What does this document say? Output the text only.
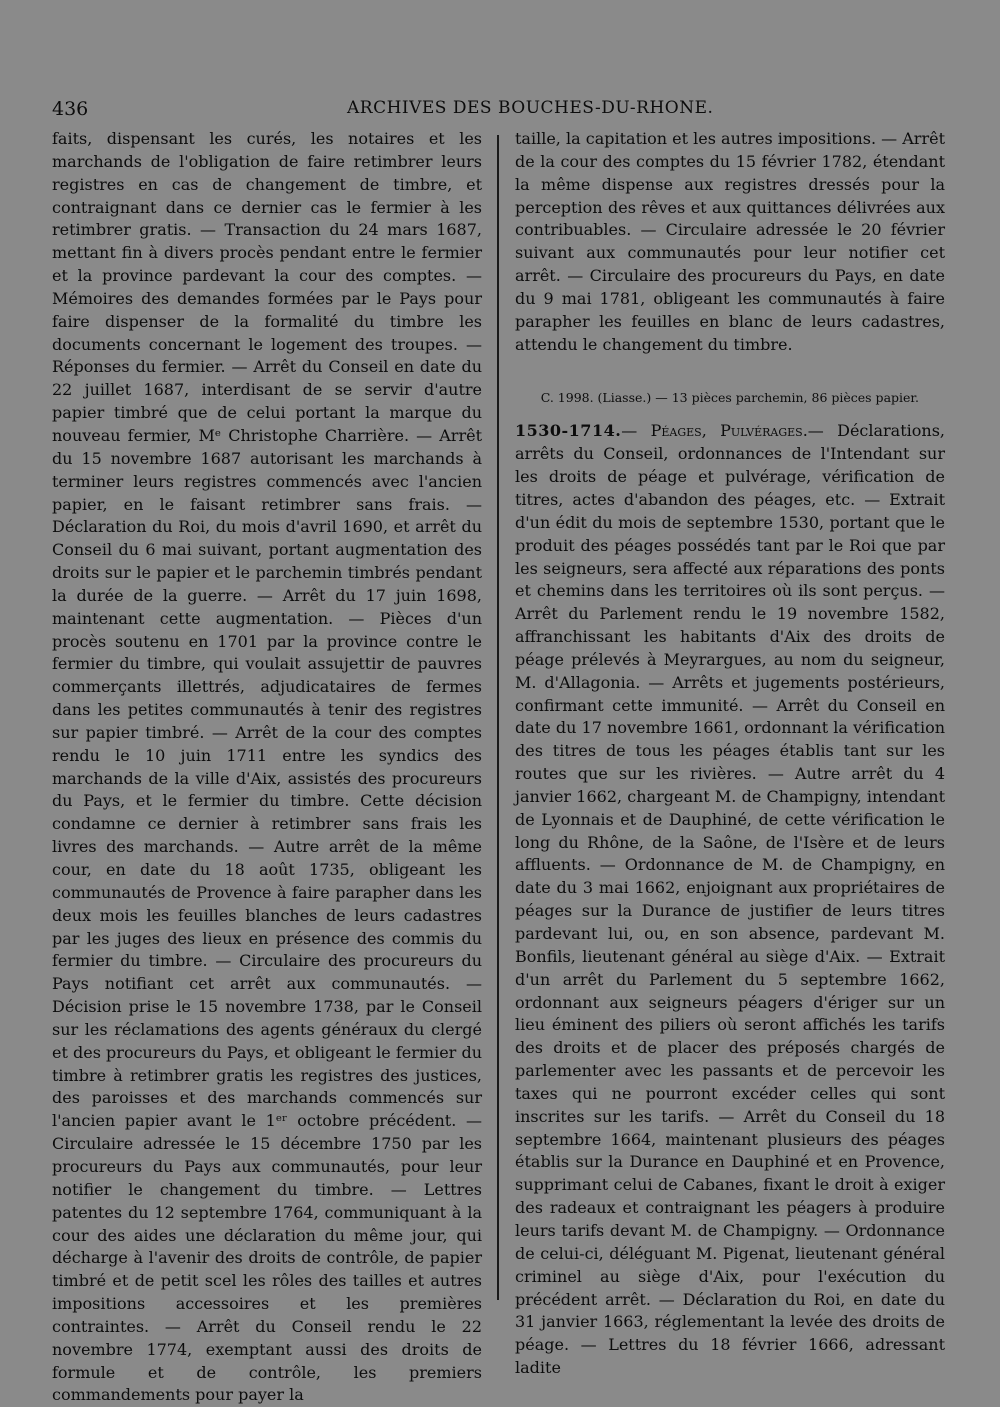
436	ARCHIVES DES BOUCHES-DU-RHONE.

faits, dispensant les curés, les notaires et les marchands de l'obligation de faire retimbrer leurs registres en cas de changement de timbre, et contraignant dans ce dernier cas le fermier à les retimbrer gratis. — Transaction du 24 mars 1687, mettant fin à divers procès pendant entre le fermier et la province pardevant la cour des comptes. — Mémoires des demandes formées par le Pays pour faire dispenser de la formalité du timbre les documents concernant le logement des troupes. — Réponses du fermier. — Arrêt du Conseil en date du 22 juillet 1687, interdisant de se servir d'autre papier timbré que de celui portant la marque du nouveau fermier, Mᵉ Christophe Charrière. — Arrêt du 15 novembre 1687 autorisant les marchands à terminer leurs registres commencés avec l'ancien papier, en le faisant retimbrer sans frais. — Déclaration du Roi, du mois d'avril 1690, et arrêt du Conseil du 6 mai suivant, portant augmentation des droits sur le papier et le parchemin timbrés pendant la durée de la guerre. — Arrêt du 17 juin 1698, maintenant cette augmentation. — Pièces d'un procès soutenu en 1701 par la province contre le fermier du timbre, qui voulait assujettir de pauvres commerçants illettrés, adjudicataires de fermes dans les petites communautés à tenir des registres sur papier timbré. — Arrêt de la cour des comptes rendu le 10 juin 1711 entre les syndics des marchands de la ville d'Aix, assistés des procureurs du Pays, et le fermier du timbre. Cette décision condamne ce dernier à retimbrer sans frais les livres des marchands. — Autre arrêt de la même cour, en date du 18 août 1735, obligeant les communautés de Provence à faire parapher dans les deux mois les feuilles blanches de leurs cadastres par les juges des lieux en présence des commis du fermier du timbre. — Circulaire des procureurs du Pays notifiant cet arrêt aux communautés. — Décision prise le 15 novembre 1738, par le Conseil sur les réclamations des agents généraux du clergé et des procureurs du Pays, et obligeant le fermier du timbre à retimbrer gratis les registres des justices, des paroisses et des marchands commencés sur l'ancien papier avant le 1ᵉʳ octobre précédent. — Circulaire adressée le 15 décembre 1750 par les procureurs du Pays aux communautés, pour leur notifier le changement du timbre. — Lettres patentes du 12 septembre 1764, communiquant à la cour des aides une déclaration du même jour, qui décharge à l'avenir des droits de contrôle, de papier timbré et de petit scel les rôles des tailles et autres impositions accessoires et les premières contraintes. — Arrêt du Conseil rendu le 22 novembre 1774, exemptant aussi des droits de formule et de contrôle, les premiers commandements pour payer la

taille, la capitation et les autres impositions. — Arrêt de la cour des comptes du 15 février 1782, étendant la même dispense aux registres dressés pour la perception des rêves et aux quittances délivrées aux contribuables. — Circulaire adressée le 20 février suivant aux communautés pour leur notifier cet arrêt. — Circulaire des procureurs du Pays, en date du 9 mai 1781, obligeant les communautés à faire parapher les feuilles en blanc de leurs cadastres, attendu le changement du timbre.

C. 1998. (Liasse.) — 13 pièces parchemin, 86 pièces papier.

1530-1714.— Péages, Pulvérages.— Déclarations, arrêts du Conseil, ordonnances de l'Intendant sur les droits de péage et pulvérage, vérification de titres, actes d'abandon des péages, etc. — Extrait d'un édit du mois de septembre 1530, portant que le produit des péages possédés tant par le Roi que par les seigneurs, sera affecté aux réparations des ponts et chemins dans les territoires où ils sont perçus. — Arrêt du Parlement rendu le 19 novembre 1582, affranchissant les habitants d'Aix des droits de péage prélevés à Meyrargues, au nom du seigneur, M. d'Allagonia. — Arrêts et jugements postérieurs, confirmant cette immunité. — Arrêt du Conseil en date du 17 novembre 1661, ordonnant la vérification des titres de tous les péages établis tant sur les routes que sur les rivières. — Autre arrêt du 4 janvier 1662, chargeant M. de Champigny, intendant de Lyonnais et de Dauphiné, de cette vérification le long du Rhône, de la Saône, de l'Isère et de leurs affluents. — Ordonnance de M. de Champigny, en date du 3 mai 1662, enjoignant aux propriétaires de péages sur la Durance de justifier de leurs titres pardevant lui, ou, en son absence, pardevant M. Bonfils, lieutenant général au siège d'Aix. — Extrait d'un arrêt du Parlement du 5 septembre 1662, ordonnant aux seigneurs péagers d'ériger sur un lieu éminent des piliers où seront affichés les tarifs des droits et de placer des préposés chargés de parlementer avec les passants et de percevoir les taxes qui ne pourront excéder celles qui sont inscrites sur les tarifs. — Arrêt du Conseil du 18 septembre 1664, maintenant plusieurs des péages établis sur la Durance en Dauphiné et en Provence, supprimant celui de Cabanes, fixant le droit à exiger des radeaux et contraignant les péagers à produire leurs tarifs devant M. de Champigny. — Ordonnance de celui-ci, déléguant M. Pigenat, lieutenant général criminel au siège d'Aix, pour l'exécution du précédent arrêt. — Déclaration du Roi, en date du 31 janvier 1663, réglementant la levée des droits de péage. — Lettres du 18 février 1666, adressant ladite
